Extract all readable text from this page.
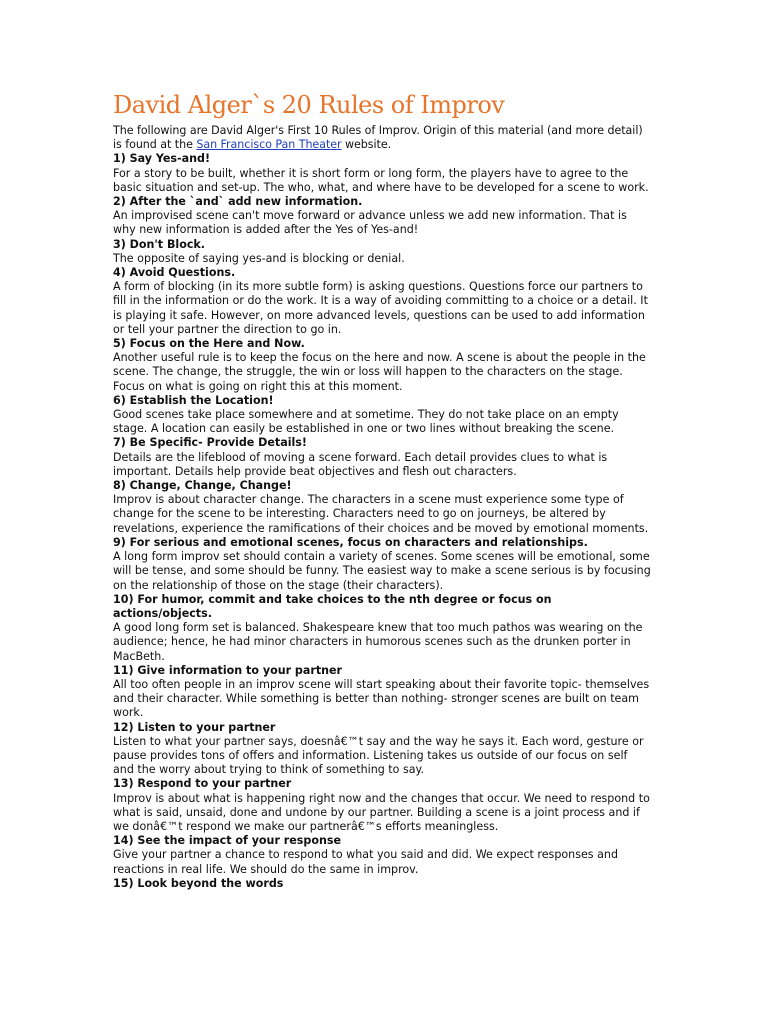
David Alger`s 20 Rules of Improv

The following are David Alger's First 10 Rules of Improv. Origin of this material (and more detail) is found at the San Francisco Pan Theater website.

1) Say Yes-and!

For a story to be built, whether it is short form or long form, the players have to agree to the basic situation and set-up. The who, what, and where have to be developed for a scene to work.

2) After the `and` add new information.

An improvised scene can't move forward or advance unless we add new information. That is why new information is added after the Yes of Yes-and!

3) Don't Block.

The opposite of saying yes-and is blocking or denial.

4) Avoid Questions.

A form of blocking (in its more subtle form) is asking questions. Questions force our partners to fill in the information or do the work. It is a way of avoiding committing to a choice or a detail. It is playing it safe. However, on more advanced levels, questions can be used to add information or tell your partner the direction to go in.

5) Focus on the Here and Now.

Another useful rule is to keep the focus on the here and now. A scene is about the people in the scene. The change, the struggle, the win or loss will happen to the characters on the stage. Focus on what is going on right this at this moment.

6) Establish the Location!

Good scenes take place somewhere and at sometime. They do not take place on an empty stage. A location can easily be established in one or two lines without breaking the scene.

7) Be Specific- Provide Details!

Details are the lifeblood of moving a scene forward. Each detail provides clues to what is important. Details help provide beat objectives and flesh out characters.

8) Change, Change, Change!

Improv is about character change. The characters in a scene must experience some type of change for the scene to be interesting. Characters need to go on journeys, be altered by revelations, experience the ramifications of their choices and be moved by emotional moments.

9) For serious and emotional scenes, focus on characters and relationships.

A long form improv set should contain a variety of scenes. Some scenes will be emotional, some will be tense, and some should be funny. The easiest way to make a scene serious is by focusing on the relationship of those on the stage (their characters).

10) For humor, commit and take choices to the nth degree or focus on actions/objects.

A good long form set is balanced. Shakespeare knew that too much pathos was wearing on the audience; hence, he had minor characters in humorous scenes such as the drunken porter in MacBeth.

11) Give information to your partner

All too often people in an improv scene will start speaking about their favorite topic- themselves and their character. While something is better than nothing- stronger scenes are built on team work.

12) Listen to your partner

Listen to what your partner says, doesnâ€™t say and the way he says it. Each word, gesture or pause provides tons of offers and information. Listening takes us outside of our focus on self and the worry about trying to think of something to say.

13) Respond to your partner

Improv is about what is happening right now and the changes that occur. We need to respond to what is said, unsaid, done and undone by our partner. Building a scene is a joint process and if we donâ€™t respond we make our partnerâ€™s efforts meaningless.

14) See the impact of your response

Give your partner a chance to respond to what you said and did. We expect responses and reactions in real life. We should do the same in improv.

15) Look beyond the words
